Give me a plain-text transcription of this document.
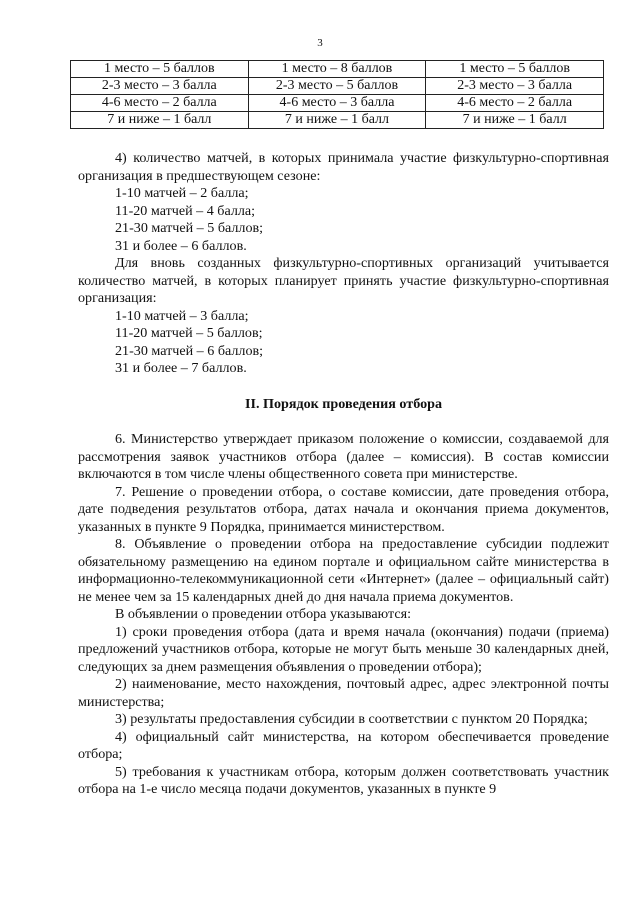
3
1 место – 5 баллов	1 место – 8 баллов	1 место – 5 баллов
2-3 место – 3 балла	2-3 место – 5 баллов	2-3 место – 3 балла
4-6 место – 2 балла	4-6 место – 3 балла	4-6 место – 2 балла
7 и ниже – 1 балл	7 и ниже – 1 балл	7 и ниже – 1 балл

4) количество матчей, в которых принимала участие физкультурно-спортивная организация в предшествующем сезоне:

1-10 матчей – 2 балла;

11-20 матчей – 4 балла;

21-30 матчей – 5 баллов;

31 и более – 6 баллов.

Для вновь созданных физкультурно-спортивных организаций учитывается количество матчей, в которых планирует принять участие физкультурно-спортивная организация:

1-10 матчей – 3 балла;

11-20 матчей – 5 баллов;

21-30 матчей – 6 баллов;

31 и более – 7 баллов.

II. Порядок проведения отбора

6. Министерство утверждает приказом положение о комиссии, создаваемой для рассмотрения заявок участников отбора (далее – комиссия). В состав комиссии включаются в том числе члены общественного совета при министерстве.

7. Решение о проведении отбора, о составе комиссии, дате проведения отбора, дате подведения результатов отбора, датах начала и окончания приема документов, указанных в пункте 9 Порядка, принимается министерством.

8. Объявление о проведении отбора на предоставление субсидии подлежит обязательному размещению на едином портале и официальном сайте министерства в информационно-телекоммуникационной сети «Интернет» (далее – официальный сайт) не менее чем за 15 календарных дней до дня начала приема документов.

В объявлении о проведении отбора указываются:

1) сроки проведения отбора (дата и время начала (окончания) подачи (приема) предложений участников отбора, которые не могут быть меньше 30 календарных дней, следующих за днем размещения объявления о проведении отбора);

2) наименование, место нахождения, почтовый адрес, адрес электронной почты министерства;

3) результаты предоставления субсидии в соответствии с пунктом 20 Порядка;

4) официальный сайт министерства, на котором обеспечивается проведение отбора;

5) требования к участникам отбора, которым должен соответствовать участник отбора на 1-е число месяца подачи документов, указанных в пункте 9
